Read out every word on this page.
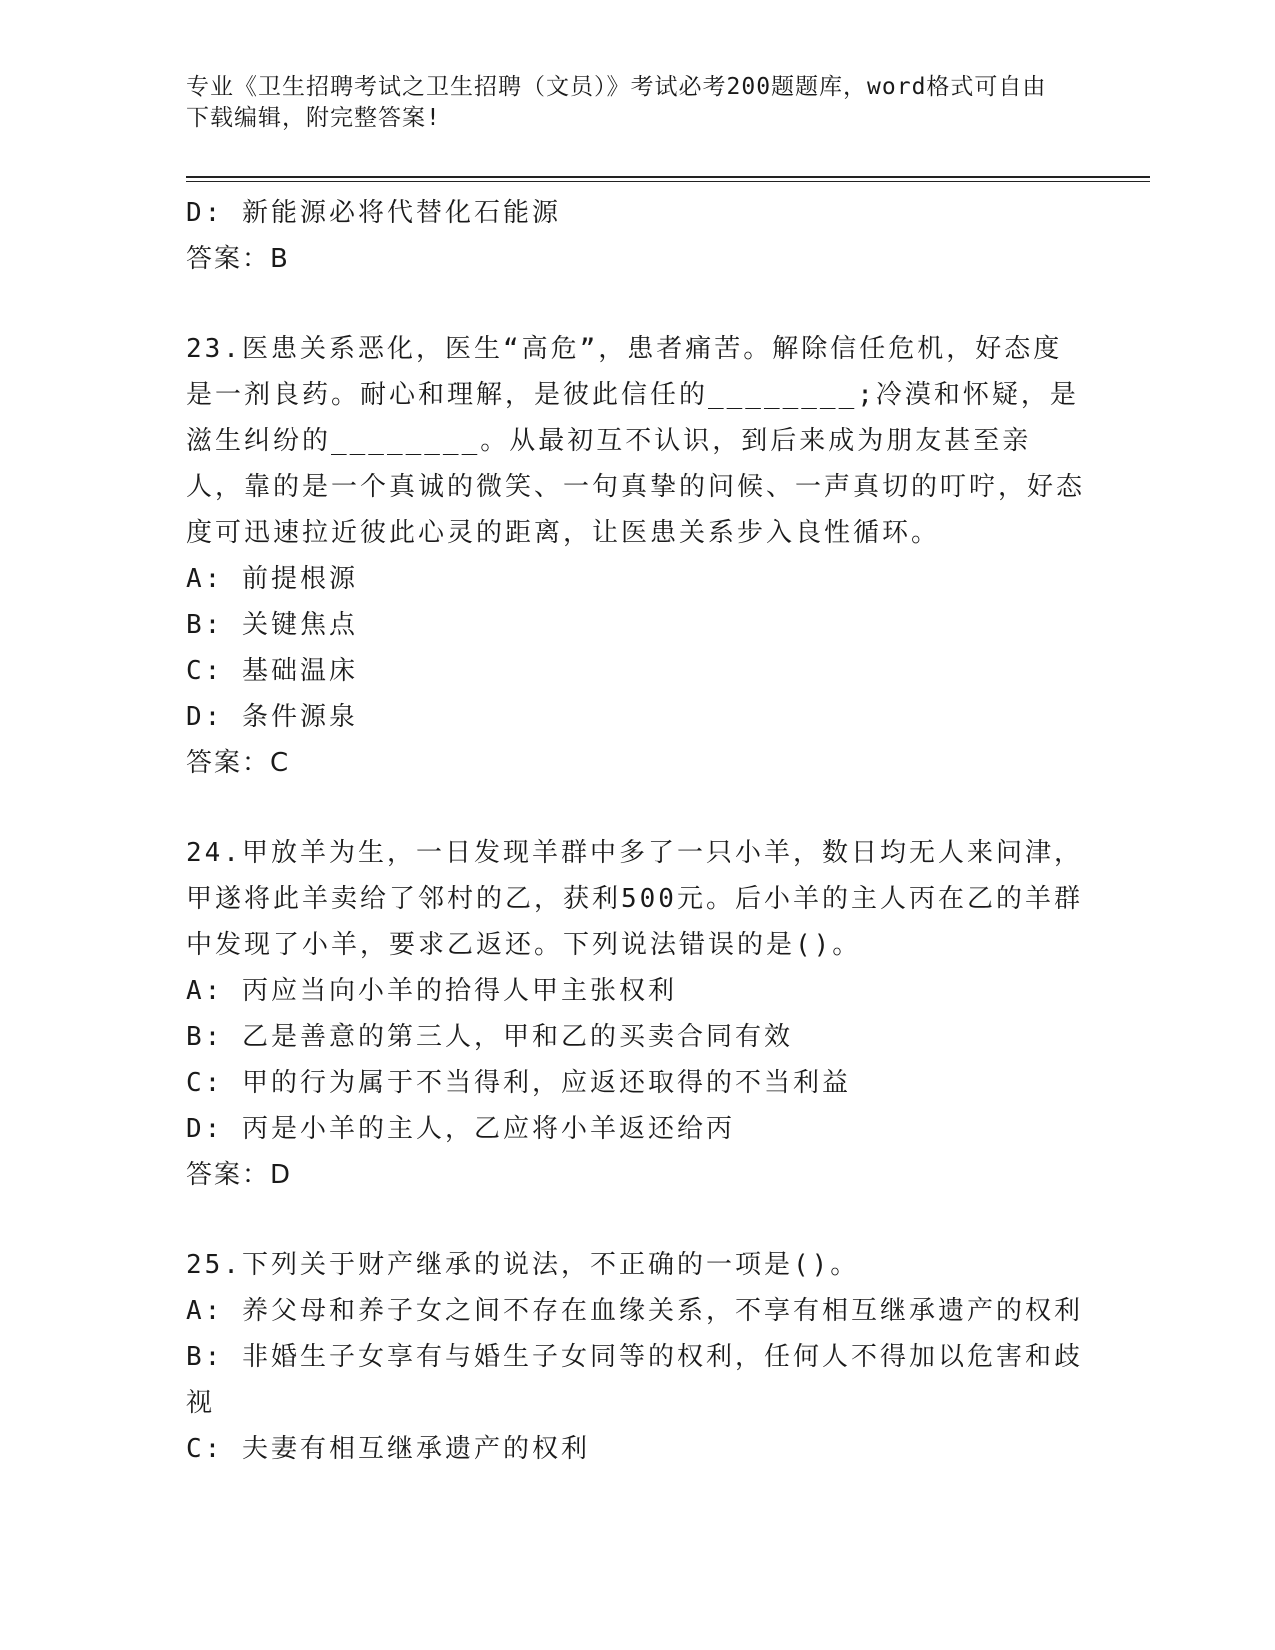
专业《卫生招聘考试之卫生招聘（文员）》考试必考200题题库，word格式可自由下载编辑，附完整答案!
D: 新能源必将代替化石能源
答案：B
23.医患关系恶化，医生“高危”，患者痛苦。解除信任危机，好态度是一剂良药。耐心和理解，是彼此信任的________;冷漠和怀疑，是滋生纠纷的________。从最初互不认识，到后来成为朋友甚至亲人，靠的是一个真诚的微笑、一句真挚的问候、一声真切的叮咛，好态度可迅速拉近彼此心灵的距离，让医患关系步入良性循环。
A: 前提根源
B: 关键焦点
C: 基础温床
D: 条件源泉
答案：C
24.甲放羊为生，一日发现羊群中多了一只小羊，数日均无人来问津，甲遂将此羊卖给了邻村的乙，获利500元。后小羊的主人丙在乙的羊群中发现了小羊，要求乙返还。下列说法错误的是()。
A: 丙应当向小羊的拾得人甲主张权利
B: 乙是善意的第三人，甲和乙的买卖合同有效
C: 甲的行为属于不当得利，应返还取得的不当利益
D: 丙是小羊的主人，乙应将小羊返还给丙
答案：D
25.下列关于财产继承的说法，不正确的一项是()。
A: 养父母和养子女之间不存在血缘关系，不享有相互继承遗产的权利
B: 非婚生子女享有与婚生子女同等的权利，任何人不得加以危害和歧视
C: 夫妻有相互继承遗产的权利
